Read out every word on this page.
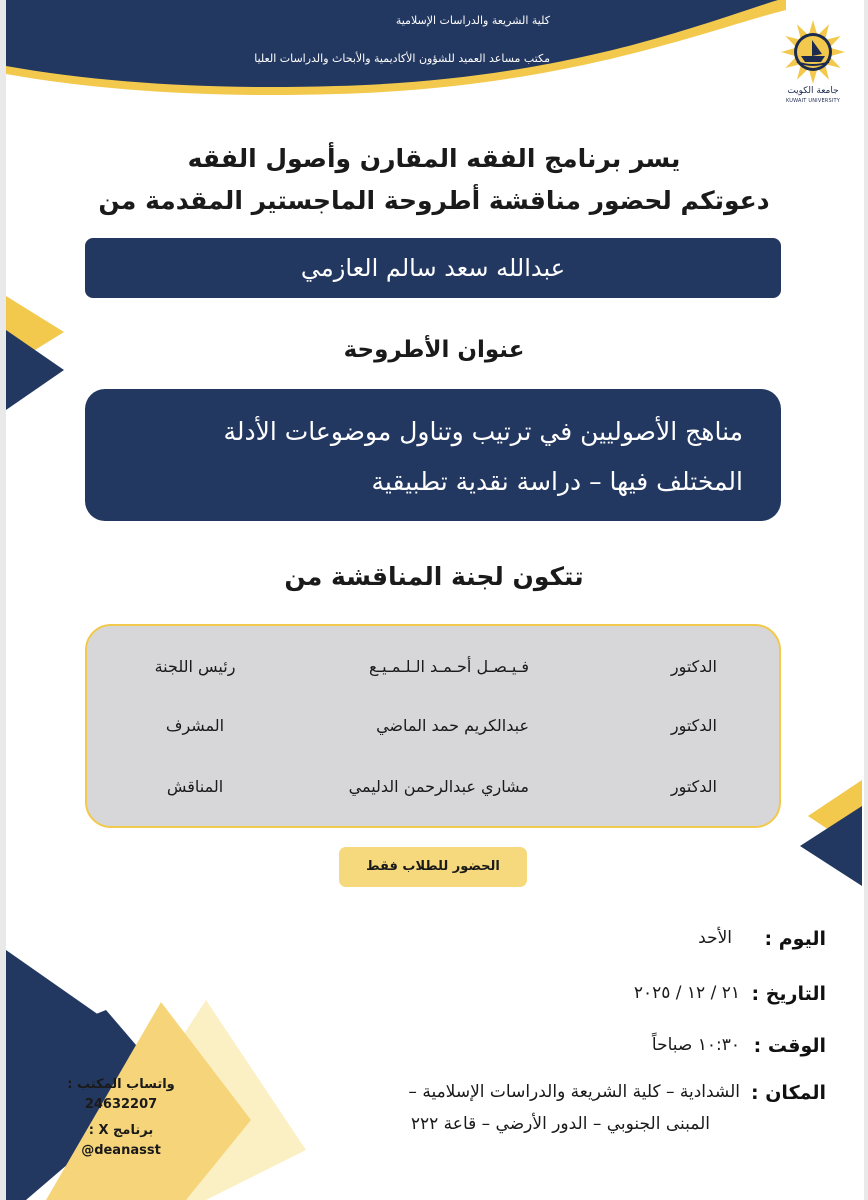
كلية الشريعة والدراسات الإسلامية
مكتب مساعد العميد للشؤون الأكاديمية والأبحاث والدراسات العليا
جامعة الكويت
KUWAIT UNIVERSITY
يسر برنامج الفقه المقارن وأصول الفقه
دعوتكم لحضور مناقشة أطروحة الماجستير المقدمة من
عبدالله سعد سالم العازمي
عنوان الأطروحة
مناهج الأصوليين في ترتيب وتناول موضوعات الأدلة
المختلف فيها – دراسة نقدية تطبيقية
تتكون لجنة المناقشة من
الدكتور
فـيـصـل أحـمـد الـلـمـيـع
رئيس اللجنة
الدكتور
عبدالكريم حمد الماضي
المشرف
الدكتور
مشاري عبدالرحمن الدليمي
المناقش
الحضور للطلاب فقط
اليوم :
الأحد
التاريخ :
٢١ / ١٢ / ٢٠٢٥
الوقت :
١٠:٣٠ صباحاً
المكان :
الشدادية – كلية الشريعة والدراسات الإسلامية –
المبنى الجنوبي – الدور الأرضي – قاعة ٢٢٢
واتساب المكتب :
24632207
برنامج X :
@deanasst
